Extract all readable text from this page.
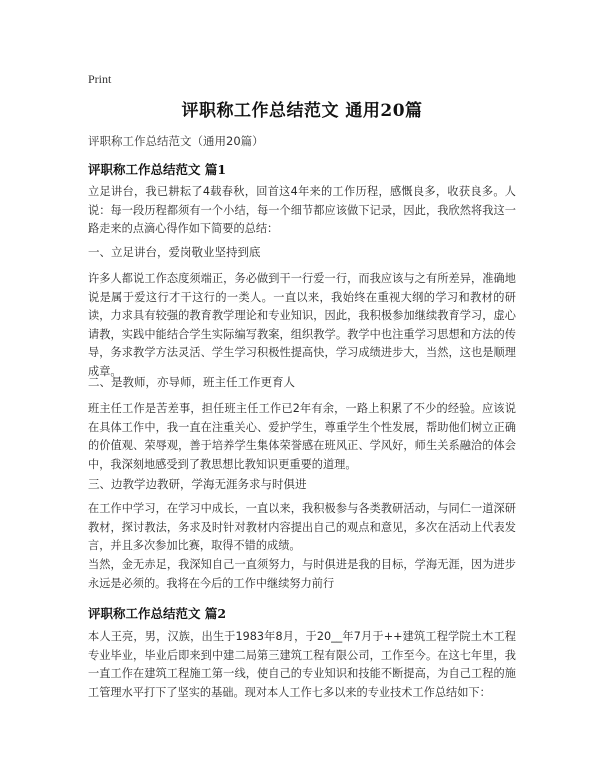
Print
评职称工作总结范文 通用20篇
评职称工作总结范文（通用20篇）
评职称工作总结范文 篇1
立足讲台，我已耕耘了4载春秋，回首这4年来的工作历程，感慨良多，收获良多。人说：每一段历程都须有一个小结，每一个细节都应该做下记录，因此，我欣然将我这一路走来的点滴心得作如下简要的总结：
一、立足讲台，爱岗敬业坚持到底
许多人都说工作态度须端正，务必做到干一行爱一行，而我应该与之有所差异，准确地说是属于爱这行才干这行的一类人。一直以来，我始终在重视大纲的学习和教材的研读，力求具有较强的教育教学理论和专业知识，因此，我积极参加继续教育学习，虚心请教，实践中能结合学生实际编写教案，组织教学。教学中也注重学习思想和方法的传导，务求教学方法灵活、学生学习积极性提高快，学习成绩进步大，当然，这也是顺理成章。
二、是教师，亦导师，班主任工作更育人
班主任工作是苦差事，担任班主任工作已2年有余，一路上积累了不少的经验。应该说在具体工作中，我一直在注重关心、爱护学生，尊重学生个性发展，帮助他们树立正确的价值观、荣辱观，善于培养学生集体荣誉感在班风正、学风好，师生关系融洽的体会中，我深刻地感受到了教思想比教知识更重要的道理。
三、边教学边教研，学海无涯务求与时俱进
在工作中学习，在学习中成长，一直以来，我积极参与各类教研活动，与同仁一道深研教材，探讨教法，务求及时针对教材内容提出自己的观点和意见，多次在活动上代表发言，并且多次参加比赛，取得不错的成绩。
当然，金无赤足，我深知自己一直须努力，与时俱进是我的目标，学海无涯，因为进步永远是必须的。我将在今后的工作中继续努力前行
评职称工作总结范文 篇2
本人王亮，男，汉族，出生于1983年8月，于20__年7月于++建筑工程学院土木工程专业毕业，毕业后即来到中建二局第三建筑工程有限公司，工作至今。在这七年里，我一直工作在建筑工程施工第一线，使自己的专业知识和技能不断提高，为自己工程的施工管理水平打下了坚实的基础。现对本人工作七多以来的专业技术工作总结如下：
